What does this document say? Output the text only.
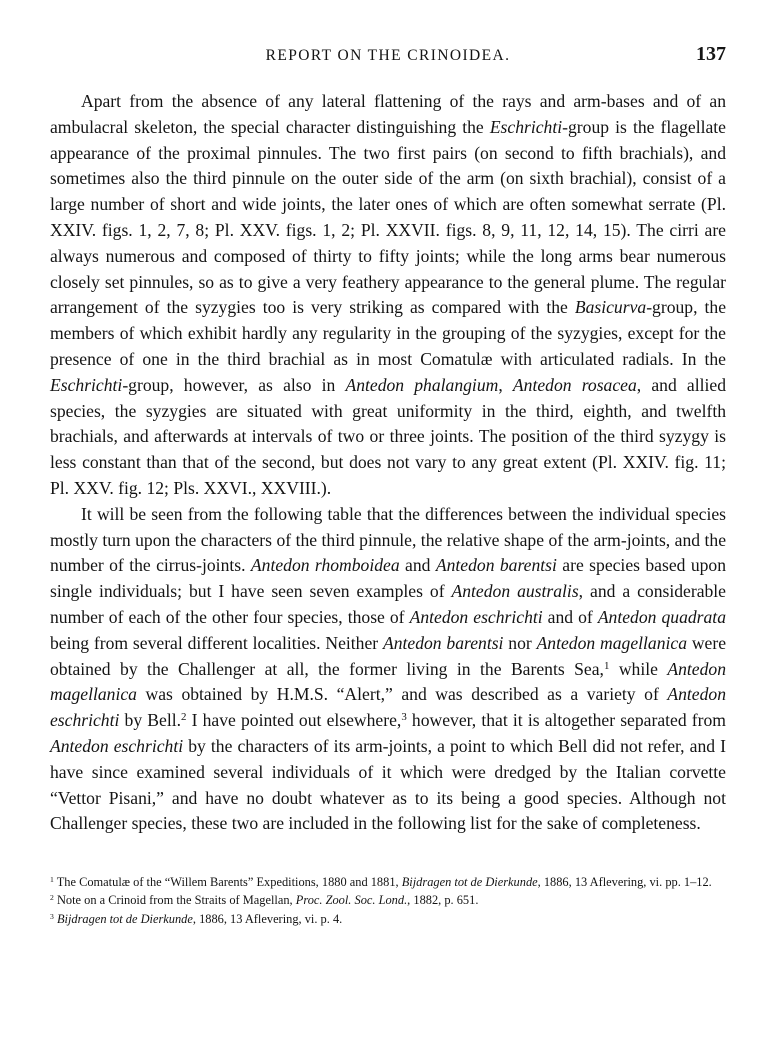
REPORT ON THE CRINOIDEA.	137

Apart from the absence of any lateral flattening of the rays and arm-bases and of an ambulacral skeleton, the special character distinguishing the Eschrichti-group is the flagellate appearance of the proximal pinnules. The two first pairs (on second to fifth brachials), and sometimes also the third pinnule on the outer side of the arm (on sixth brachial), consist of a large number of short and wide joints, the later ones of which are often somewhat serrate (Pl. XXIV. figs. 1, 2, 7, 8; Pl. XXV. figs. 1, 2; Pl. XXVII. figs. 8, 9, 11, 12, 14, 15). The cirri are always numerous and composed of thirty to fifty joints; while the long arms bear numerous closely set pinnules, so as to give a very feathery appearance to the general plume. The regular arrangement of the syzygies too is very striking as compared with the Basicurva-group, the members of which exhibit hardly any regularity in the grouping of the syzygies, except for the presence of one in the third brachial as in most Comatulæ with articulated radials. In the Eschrichti-group, however, as also in Antedon phalangium, Antedon rosacea, and allied species, the syzygies are situated with great uniformity in the third, eighth, and twelfth brachials, and afterwards at intervals of two or three joints. The position of the third syzygy is less constant than that of the second, but does not vary to any great extent (Pl. XXIV. fig. 11; Pl. XXV. fig. 12; Pls. XXVI., XXVIII.).

It will be seen from the following table that the differences between the individual species mostly turn upon the characters of the third pinnule, the relative shape of the arm-joints, and the number of the cirrus-joints. Antedon rhomboidea and Antedon barentsi are species based upon single individuals; but I have seen seven examples of Antedon australis, and a considerable number of each of the other four species, those of Antedon eschrichti and of Antedon quadrata being from several different localities. Neither Antedon barentsi nor Antedon magellanica were obtained by the Challenger at all, the former living in the Barents Sea,$^1$ while Antedon magellanica was obtained by H.M.S. “Alert,” and was described as a variety of Antedon eschrichti by Bell.$^2$ I have pointed out elsewhere,$^3$ however, that it is altogether separated from Antedon eschrichti by the characters of its arm-joints, a point to which Bell did not refer, and I have since examined several individuals of it which were dredged by the Italian corvette “Vettor Pisani,” and have no doubt whatever as to its being a good species. Although not Challenger species, these two are included in the following list for the sake of completeness.

$^1$ The Comatulæ of the “Willem Barents” Expeditions, 1880 and 1881, Bijdragen tot de Dierkunde, 1886, 13 Aflevering, vi. pp. 1–12.

$^2$ Note on a Crinoid from the Straits of Magellan, Proc. Zool. Soc. Lond., 1882, p. 651.

$^3$ Bijdragen tot de Dierkunde, 1886, 13 Aflevering, vi. p. 4.
